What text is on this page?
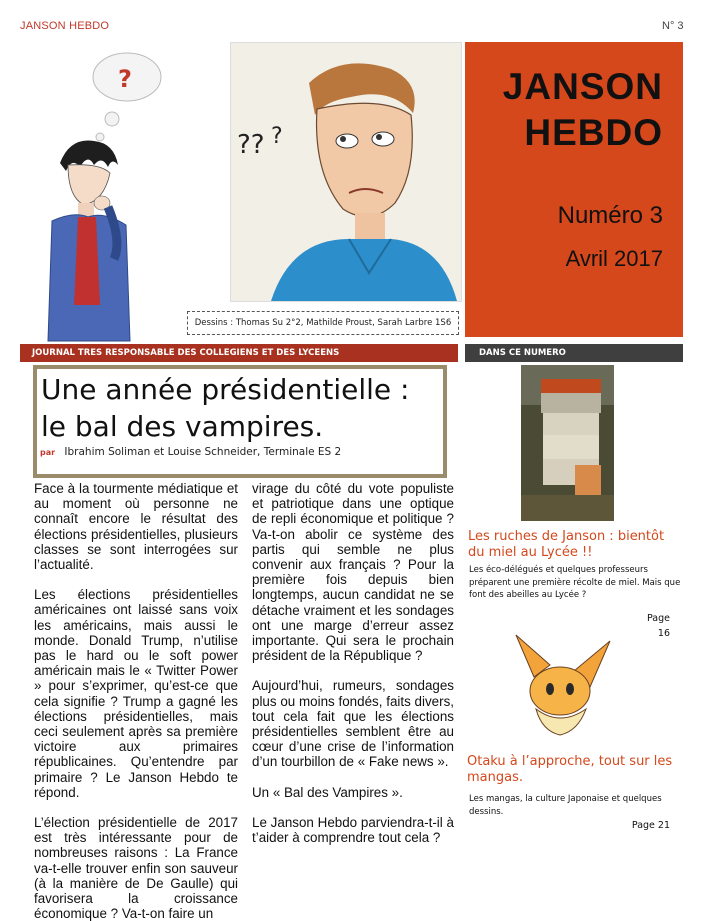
JANSON HEBDO	N° 3
?
?? ?
Dessins : Thomas Su 2°2, Mathilde Proust, Sarah Larbre 1S6
JANSON
HEBDO
Numéro 3
Avril 2017
JOURNAL TRES RESPONSABLE DES COLLEGIENS ET DES LYCEENS	DANS CE NUMERO
Une année présidentielle :
le bal des vampires.
par Ibrahim Soliman et Louise Schneider, Terminale ES 2

Face à la tourmente médiatique et au moment où personne ne connaît encore le résultat des élections présidentielles, plusieurs classes se sont interrogées sur l’actualité.

Les élections présidentielles américaines ont laissé sans voix les américains, mais aussi le monde. Donald Trump, n’utilise pas le hard ou le soft power américain mais le « Twitter Power » pour s’exprimer, qu’est-ce que cela signifie ? Trump a gagné les élections présidentielles, mais ceci seulement après sa première victoire aux primaires républicaines. Qu’entendre par primaire ? Le Janson Hebdo te répond.

L’élection présidentielle de 2017 est très intéressante pour de nombreuses raisons : La France va-t-elle trouver enfin son sauveur (à la manière de De Gaulle) qui favorisera la croissance économique ? Va-t-on faire un

virage du côté du vote populiste et patriotique dans une optique de repli économique et politique ? Va-t-on abolir ce système des partis qui semble ne plus convenir aux français ? Pour la première fois depuis bien longtemps, aucun candidat ne se détache vraiment et les sondages ont une marge d’erreur assez importante. Qui sera le prochain président de la République ?

Aujourd’hui, rumeurs, sondages plus ou moins fondés, faits divers, tout cela fait que les élections présidentielles semblent être au cœur d’une crise de l’information d’un tourbillon de « Fake news ».

Un « Bal des Vampires ».

Le Janson Hebdo parviendra-t-il à t’aider à comprendre tout cela ?

Les ruches de Janson : bientôt du miel au Lycée !!
Les éco-délégués et quelques professeurs préparent une première récolte de miel. Mais que font des abeilles au Lycée ?
Page
16
Otaku à l’approche, tout sur les mangas.
Les mangas, la culture Japonaise et quelques dessins.
Page 21
